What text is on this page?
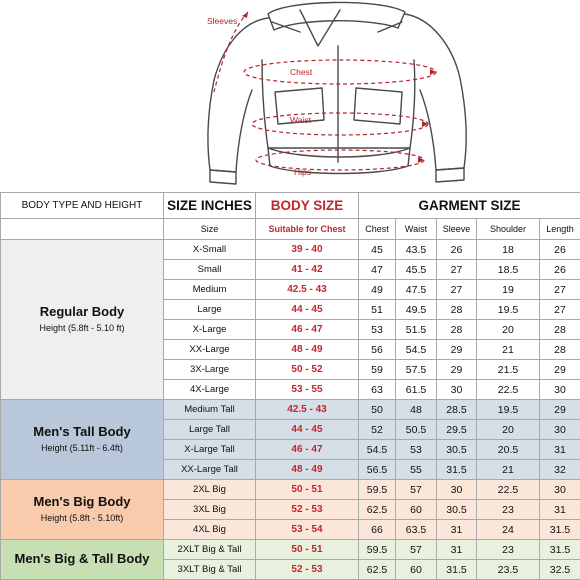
Sleeves
Chest
Waist
Hips
BODY TYPE AND HEIGHT	SIZE INCHES	BODY SIZE	GARMENT SIZE				
	Size	Suitable for Chest	Chest	Waist	Sleeve	Shoulder	Length

Regular Body
Height (5.8ft - 5.10 ft)	X-Small	39 - 40	45	43.5	26	18	26
	Small	41 - 42	47	45.5	27	18.5	26
	Medium	42.5 - 43	49	47.5	27	19	27
	Large	44 - 45	51	49.5	28	19.5	27
	X-Large	46 - 47	53	51.5	28	20	28
	XX-Large	48 - 49	56	54.5	29	21	28
	3X-Large	50 - 52	59	57.5	29	21.5	29
	4X-Large	53 - 55	63	61.5	30	22.5	30

Men's Tall Body
Height (5.11ft - 6.4ft)	Medium Tall	42.5 - 43	50	48	28.5	19.5	29
	Large Tall	44 - 45	52	50.5	29.5	20	30
	X-Large Tall	46 - 47	54.5	53	30.5	20.5	31
	XX-Large Tall	48 - 49	56.5	55	31.5	21	32

Men's Big Body
Height (5.8ft - 5.10ft)	2XL Big	50 - 51	59.5	57	30	22.5	30
	3XL Big	52 - 53	62.5	60	30.5	23	31
	4XL Big	53 - 54	66	63.5	31	24	31.5

Men's Big & Tall Body	2XLT Big & Tall	50 - 51	59.5	57	31	23	31.5
	3XLT Big & Tall	52 - 53	62.5	60	31.5	23.5	32.5
